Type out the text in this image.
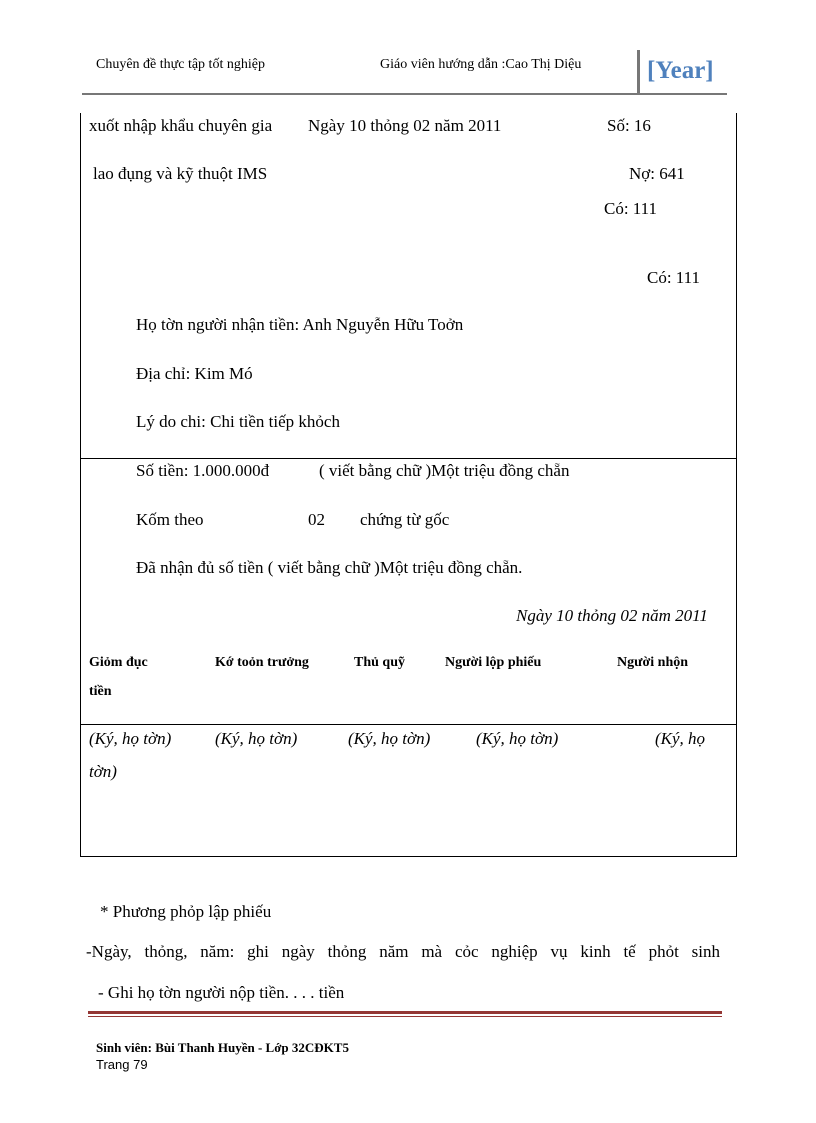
Chuyên đề thực tập tốt nghiệp	Giáo viên hướng dẫn :Cao Thị Diệu	[Year]
xuốt nhập khẩu chuyên gia Ngày 10 thỏng 02 năm 2011	Số: 16
lao đụng và kỹ thuột IMS	Nợ: 641
Có: 111
Có: 111
Họ tờn người nhận tiền: Anh Nguyễn Hữu Toởn
Địa chỉ: Kim Mó
Lý do chi: Chi tiền tiếp khỏch
Số tiền: 1.000.000đ	( viết bằng chữ )Một triệu đồng chẵn
Kốm theo	02 chứng từ gốc
Đã nhận đủ số tiền ( viết bằng chữ )Một triệu đồng chẵn.
Ngày 10 thỏng 02 năm 2011
Giỏm đục	Kớ toỏn trưởng	Thủ quỹ	Người lộp phiếu	Người nhộn
tiền
(Ký, họ tờn)	(Ký, họ tờn)	(Ký, họ tờn)	(Ký, họ tờn)	(Ký, họ
tờn)
* Phương phỏp lập phiếu
-Ngày, thỏng, năm: ghi ngày thỏng năm mà cỏc nghiệp vụ kinh tế phỏt sinh
- Ghi họ tờn người nộp tiền. . . . tiền
Sinh viên: Bùi Thanh Huyền - Lớp 32CĐKT5
Trang 79
